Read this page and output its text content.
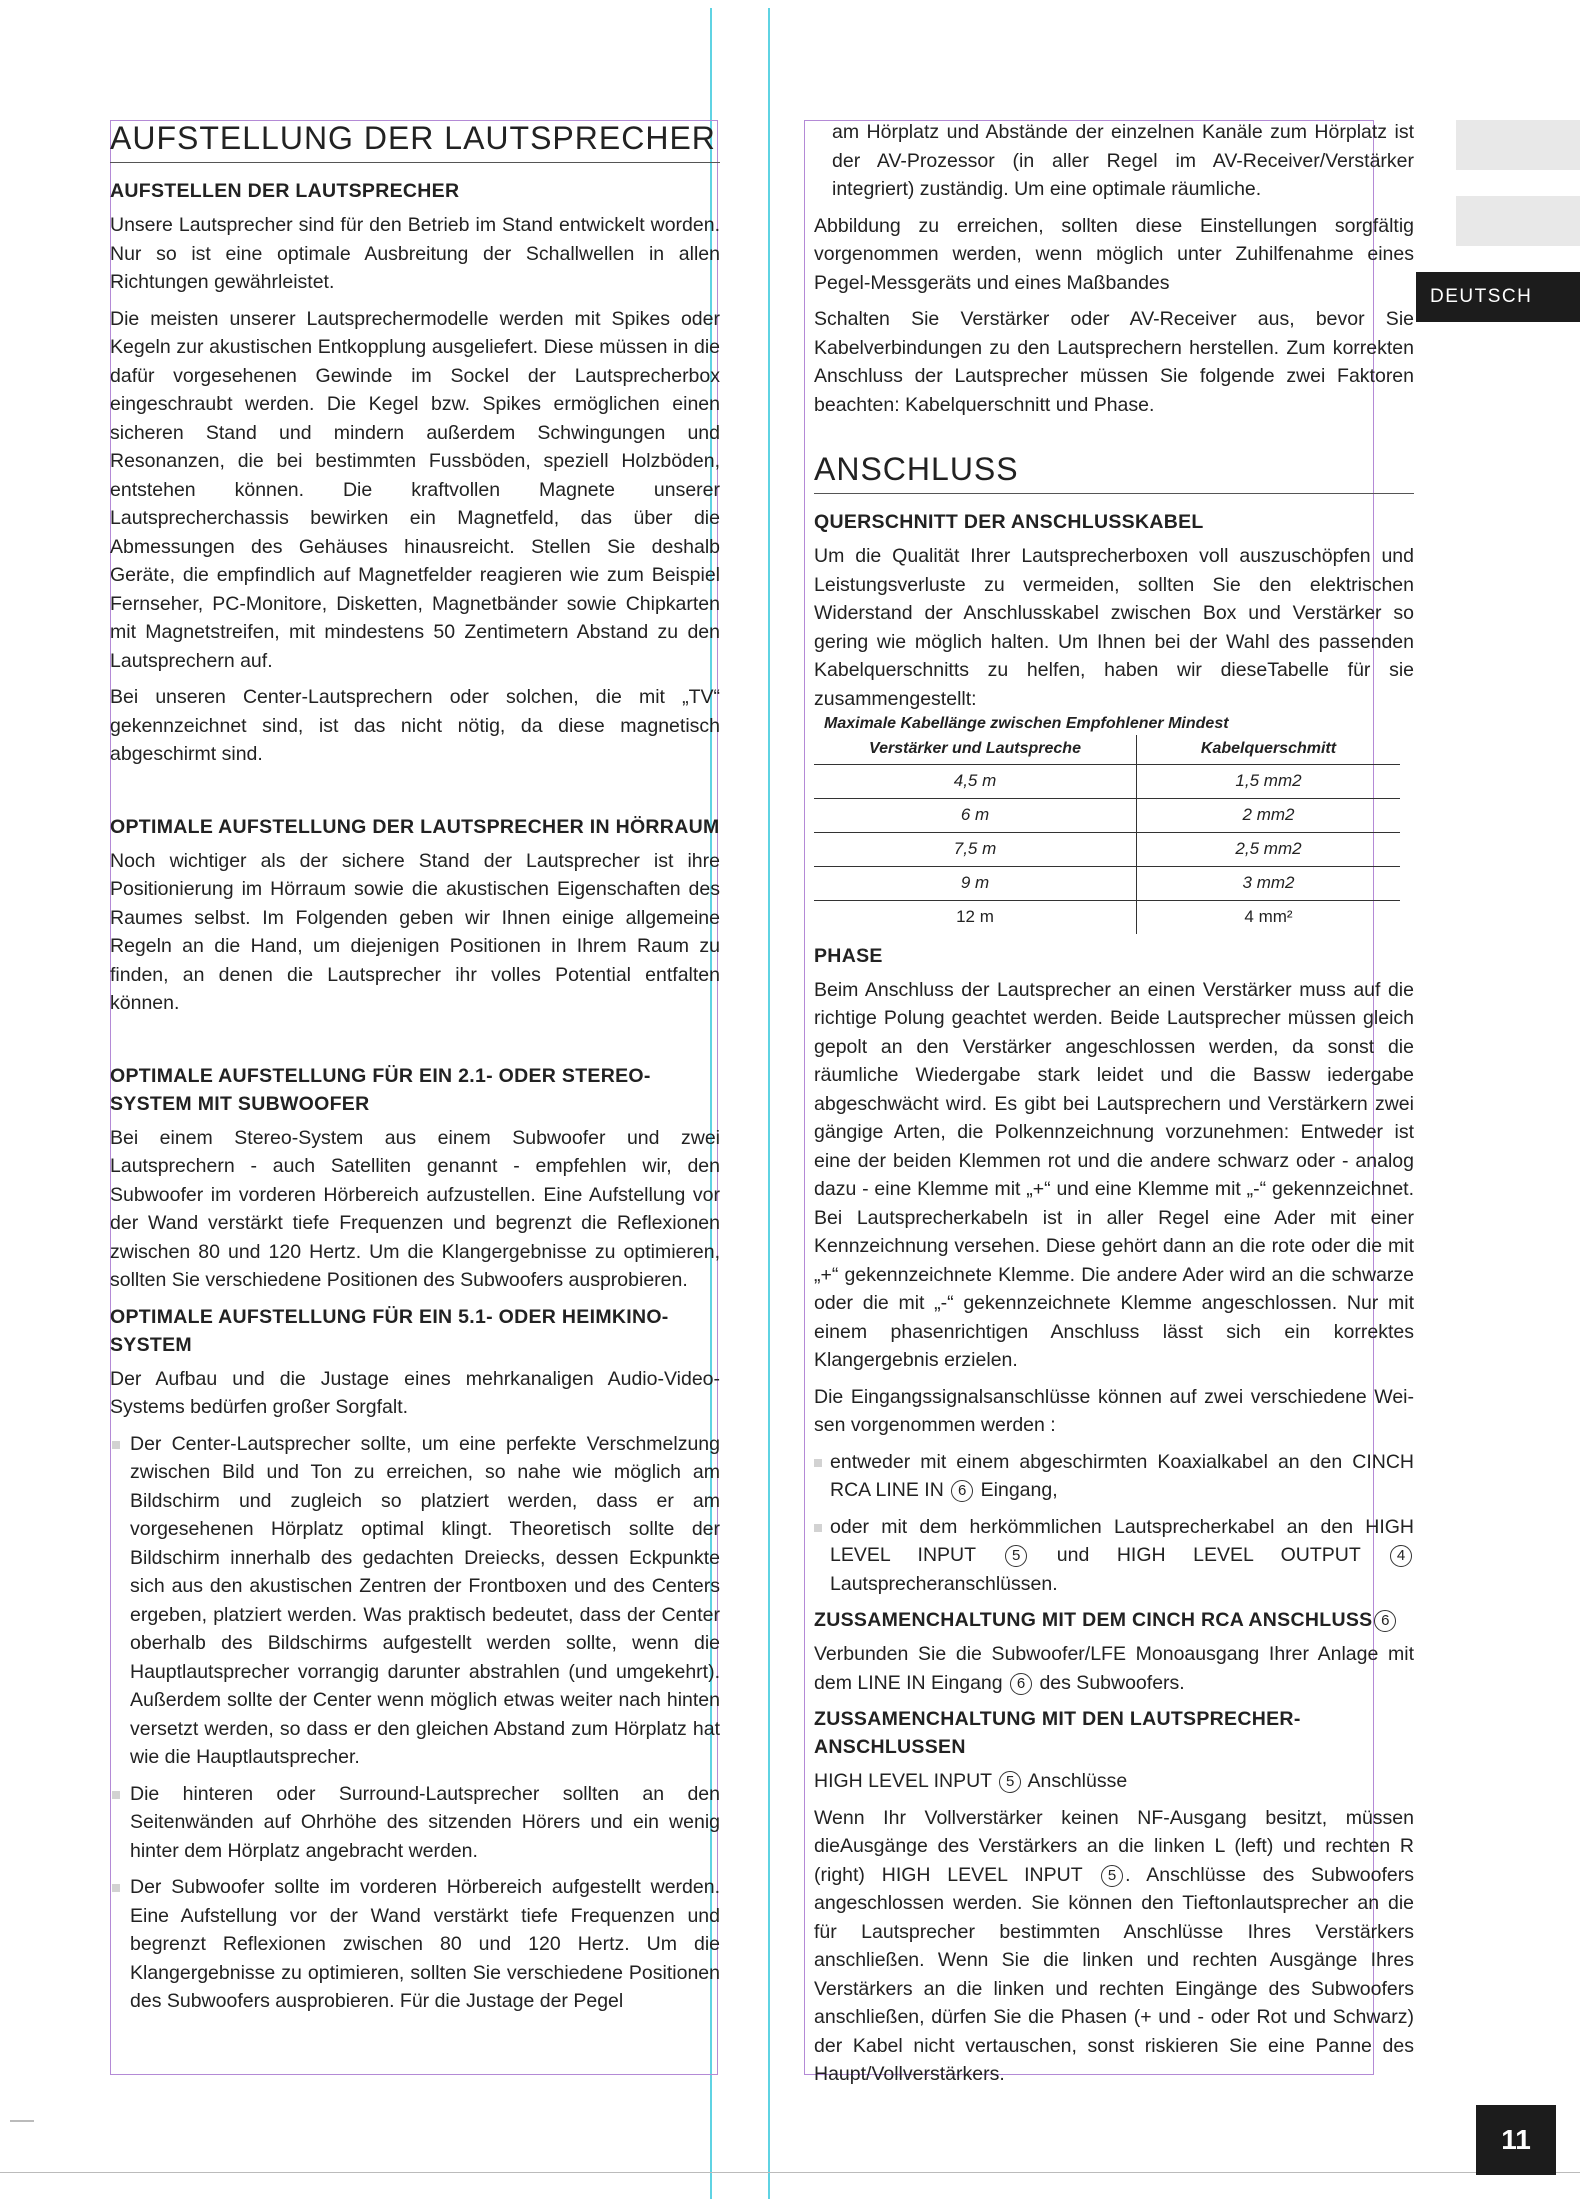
DEUTSCH
AUFSTELLUNG DER LAUTSPRECHER
AUFSTELLEN DER LAUTSPRECHER

Unsere Lautsprecher sind für den Betrieb im Stand entwickelt worden. Nur so ist eine optimale Ausbreitung der Schallwellen in allen Richtungen gewährleistet.

Die meisten unserer Lautsprechermodelle werden mit Spikes oder Kegeln zur akustischen Entkopplung ausgeliefert. Diese müssen in die dafür vorgesehenen Gewinde im Sockel der Lautsprecherbox eingeschraubt werden. Die Kegel bzw. Spikes ermöglichen einen sicheren Stand und mindern außerdem Schwingungen und Resonanzen, die bei bestimmten Fussböden, speziell Holzböden, entstehen können. Die kraftvollen Magnete unserer Lautsprecherchassis bewirken ein Magnetfeld, das über die Abmessungen des Gehäuses hinausreicht. Stellen Sie deshalb Geräte, die empfindlich auf Magnetfelder reagieren wie zum Beispiel Fernseher, PC-Monitore, Disketten, Magnetbänder sowie Chipkarten mit Magnetstreifen, mit mindestens 50 Zentimetern Abstand zu den Lautsprechern auf.

Bei unseren Center-Lautsprechern oder solchen, die mit „TV“ gekennzeichnet sind, ist das nicht nötig, da diese magnetisch abgeschirmt sind.

OPTIMALE AUFSTELLUNG DER LAUTSPRECHER IN HÖRRAUM

Noch wichtiger als der sichere Stand der Lautsprecher ist ihre Positionierung im Hörraum sowie die akustischen Eigenschaften des Raumes selbst. Im Folgenden geben wir Ihnen einige allgemeine Regeln an die Hand, um diejenigen Positionen in Ihrem Raum zu finden, an denen die Lautsprecher ihr volles Potential entfalten können.

OPTIMALE AUFSTELLUNG FÜR EIN 2.1- ODER STEREO-SYSTEM MIT SUBWOOFER

Bei einem Stereo-System aus einem Subwoofer und zwei Lautsprechern - auch Satelliten genannt - empfehlen wir, den Subwoofer im vorderen Hörbereich aufzustellen. Eine Aufstellung vor der Wand verstärkt tiefe Frequenzen und begrenzt die Reflexionen zwischen 80 und 120 Hertz. Um die Klangergebnisse zu optimieren, sollten Sie verschiedene Positionen des Subwoofers ausprobieren.

OPTIMALE AUFSTELLUNG FÜR EIN 5.1- ODER HEIMKINO-SYSTEM

Der Aufbau und die Justage eines mehrkanaligen Audio-Video-Systems bedürfen großer Sorgfalt.

Der Center-Lautsprecher sollte, um eine perfekte Verschmelzung zwischen Bild und Ton zu erreichen, so nahe wie möglich am Bildschirm und zugleich so platziert werden, dass er am vorgesehenen Hörplatz optimal klingt. Theoretisch sollte der Bildschirm innerhalb des gedachten Dreiecks, dessen Eckpunkte sich aus den akustischen Zentren der Frontboxen und des Centers ergeben, platziert werden. Was praktisch bedeutet, dass der Center oberhalb des Bildschirms aufgestellt werden sollte, wenn die Hauptlautsprecher vorrangig darunter abstrahlen (und umgekehrt). Außerdem sollte der Center wenn möglich etwas weiter nach hinten versetzt werden, so dass er den gleichen Abstand zum Hörplatz hat wie die Hauptlautsprecher.

Die hinteren oder Surround-Lautsprecher sollten an den Seitenwänden auf Ohrhöhe des sitzenden Hörers und ein wenig hinter dem Hörplatz angebracht werden.

Der Subwoofer sollte im vorderen Hörbereich aufgestellt werden. Eine Aufstellung vor der Wand verstärkt tiefe Frequenzen und begrenzt Reflexionen zwischen 80 und 120 Hertz. Um die Klangergebnisse zu optimieren, sollten Sie verschiedene Positionen des Subwoofers ausprobieren. Für die Justage der Pegel

am Hörplatz und Abstände der einzelnen Kanäle zum Hörplatz ist der AV-Prozessor (in aller Regel im AV-Receiver/Verstärker integriert) zuständig. Um eine optimale räumliche.

Abbildung zu erreichen, sollten diese Einstellungen sorgfältig vorgenommen werden, wenn möglich unter Zuhilfenahme eines Pegel-Messgeräts und eines Maßbandes

Schalten Sie Verstärker oder AV-Receiver aus, bevor Sie Kabelverbindungen zu den Lautsprechern herstellen. Zum korrekten Anschluss der Lautsprecher müssen Sie folgende zwei Faktoren beachten: Kabelquerschnitt und Phase.

ANSCHLUSS
QUERSCHNITT DER ANSCHLUSSKABEL

Um die Qualität Ihrer Lautsprecherboxen voll auszuschöpfen und Leistungsverluste zu vermeiden, sollten Sie den elektrischen Widerstand der Anschlusskabel zwischen Box und Verstärker so gering wie möglich halten. Um Ihnen bei der Wahl des passenden Kabelquerschnitts zu helfen, haben wir dieseTabelle für sie zusammengestellt:

Maximale Kabellänge zwischen Empfohlener Mindest
Verstärker und Lautspreche	Kabelquerschmitt
4,5 m	1,5 mm2
6 m	2 mm2
7,5 m	2,5 mm2
9 m	3 mm2
12 m	4 mm²
PHASE

Beim Anschluss der Lautsprecher an einen Verstärker muss auf die richtige Polung geachtet werden. Beide Lautsprecher müssen gleich gepolt an den Verstärker angeschlossen werden, da sonst die räumliche Wiedergabe stark leidet und die Bassw iedergabe abgeschwächt wird. Es gibt bei Lautsprechern und Verstärkern zwei gängige Arten, die Polkennzeichnung vorzunehmen: Entweder ist eine der beiden Klemmen rot und die andere schwarz oder - analog dazu - eine Klemme mit „+“ und eine Klemme mit „-“ gekennzeichnet. Bei Lautsprecherkabeln ist in aller Regel eine Ader mit einer Kennzeichnung versehen. Diese gehört dann an die rote oder die mit „+“ gekennzeichnete Klemme. Die andere Ader wird an die schwarze oder die mit „-“ gekennzeichnete Klemme angeschlossen. Nur mit einem phasenrichtigen Anschluss lässt sich ein korrektes Klangergebnis erzielen.

Die Eingangssignalsanschlüsse können auf zwei verschiedene Wei-sen vorgenommen werden :

entweder mit einem abgeschirmten Koaxialkabel an den CINCH RCA LINE IN 6 Eingang,

oder mit dem herkömmlichen Lautsprecherkabel an den HIGH LEVEL INPUT 5 und HIGH LEVEL OUTPUT 4 Lautsprecheranschlüssen.

ZUSSAMENCHALTUNG MIT DEM CINCH RCA ANSCHLUSS 6

Verbunden Sie die Subwoofer/LFE Monoausgang Ihrer Anlage mit dem LINE IN Eingang 6 des Subwoofers.

ZUSSAMENCHALTUNG MIT DEN LAUTSPRECHER-ANSCHLUSSEN

HIGH LEVEL INPUT 5 Anschlüsse

Wenn Ihr Vollverstärker keinen NF-Ausgang besitzt, müssen dieAusgänge des Verstärkers an die linken L (left) und rechten R (right) HIGH LEVEL INPUT 5 . Anschlüsse des Subwoofers angeschlossen werden. Sie können den Tieftonlautsprecher an die für Lautsprecher bestimmten Anschlüsse Ihres Verstärkers anschließen. Wenn Sie die linken und rechten Ausgänge Ihres Verstärkers an die linken und rechten Eingänge des Subwoofers anschließen, dürfen Sie die Phasen (+ und - oder Rot und Schwarz) der Kabel nicht vertauschen, sonst riskieren Sie eine Panne des Haupt/Vollverstärkers.

11
